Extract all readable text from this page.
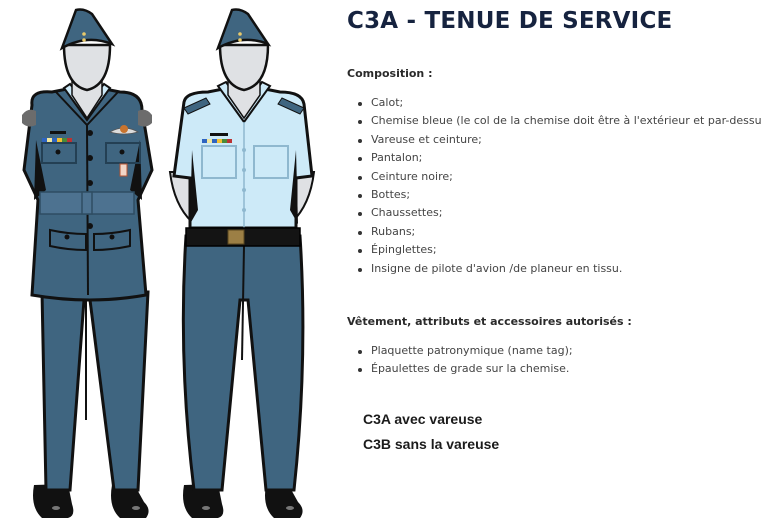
C3A - TENUE DE SERVICE

Composition :

Calot;
Chemise bleue (le col de la chemise doit être à l'extérieur et par-dessu
Vareuse et ceinture;
Pantalon;
Ceinture noire;
Bottes;
Chaussettes;
Rubans;
Épinglettes;
Insigne de pilote d'avion /de planeur en tissu.

Vêtement, attributs et accessoires autorisés :

Plaquette patronymique (name tag);
Épaulettes de grade sur la chemise.

C3A avec vareuse

C3B sans la vareuse
